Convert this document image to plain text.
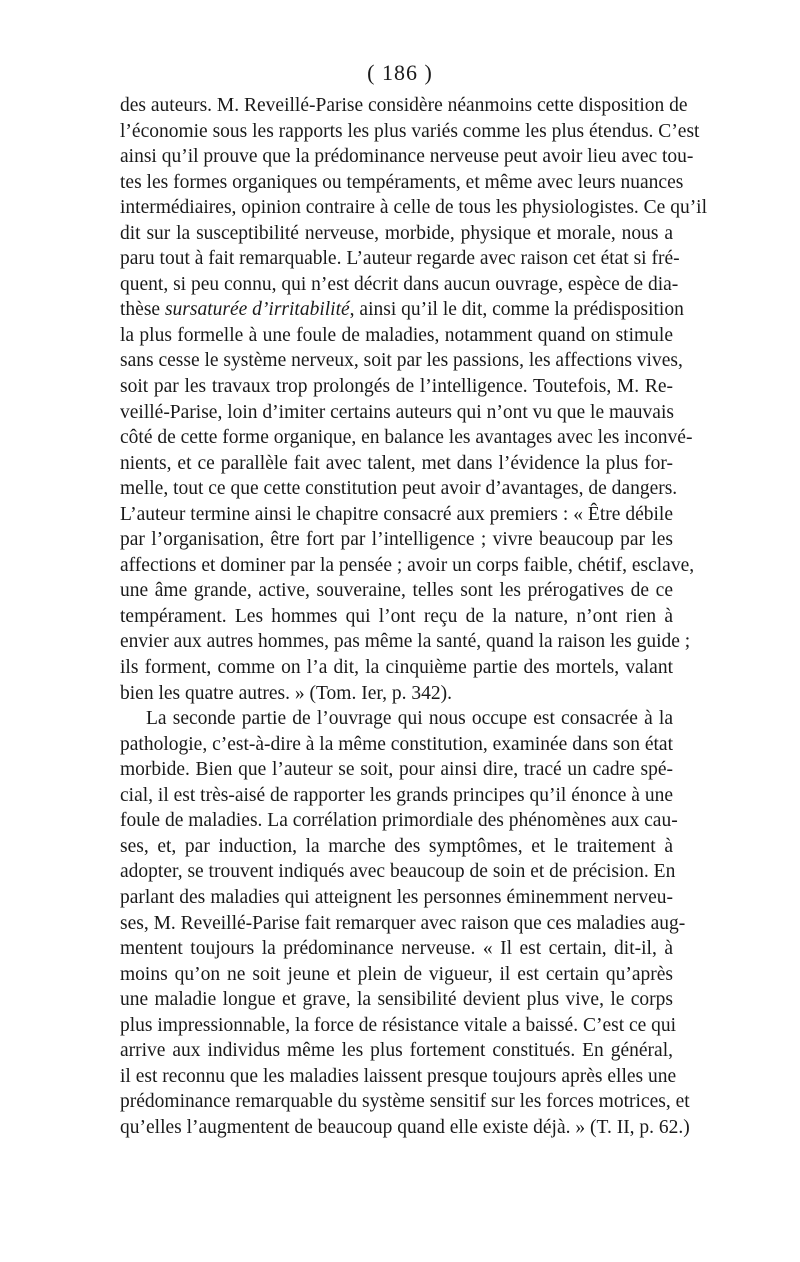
( 186 )
des auteurs. M. Reveillé-Parise considère néanmoins cette disposition de
l’économie sous les rapports les plus variés comme les plus étendus. C’est
ainsi qu’il prouve que la prédominance nerveuse peut avoir lieu avec tou-
tes les formes organiques ou tempéraments, et même avec leurs nuances
intermédiaires, opinion contraire à celle de tous les physiologistes. Ce qu’il
dit sur la susceptibilité nerveuse, morbide, physique et morale, nous a
paru tout à fait remarquable. L’auteur regarde avec raison cet état si fré-
quent, si peu connu, qui n’est décrit dans aucun ouvrage, espèce de dia-
thèse sursaturée d’irritabilité, ainsi qu’il le dit, comme la prédisposition
la plus formelle à une foule de maladies, notamment quand on stimule
sans cesse le système nerveux, soit par les passions, les affections vives,
soit par les travaux trop prolongés de l’intelligence. Toutefois, M. Re-
veillé-Parise, loin d’imiter certains auteurs qui n’ont vu que le mauvais
côté de cette forme organique, en balance les avantages avec les inconvé-
nients, et ce parallèle fait avec talent, met dans l’évidence la plus for-
melle, tout ce que cette constitution peut avoir d’avantages, de dangers.
L’auteur termine ainsi le chapitre consacré aux premiers : « Être débile
par l’organisation, être fort par l’intelligence ; vivre beaucoup par les
affections et dominer par la pensée ; avoir un corps faible, chétif, esclave,
une âme grande, active, souveraine, telles sont les prérogatives de ce
tempérament. Les hommes qui l’ont reçu de la nature, n’ont rien à
envier aux autres hommes, pas même la santé, quand la raison les guide ;
ils forment, comme on l’a dit, la cinquième partie des mortels, valant
bien les quatre autres. » (Tom. Ier, p. 342).
La seconde partie de l’ouvrage qui nous occupe est consacrée à la
pathologie, c’est-à-dire à la même constitution, examinée dans son état
morbide. Bien que l’auteur se soit, pour ainsi dire, tracé un cadre spé-
cial, il est très-aisé de rapporter les grands principes qu’il énonce à une
foule de maladies. La corrélation primordiale des phénomènes aux cau-
ses, et, par induction, la marche des symptômes, et le traitement à
adopter, se trouvent indiqués avec beaucoup de soin et de précision. En
parlant des maladies qui atteignent les personnes éminemment nerveu-
ses, M. Reveillé-Parise fait remarquer avec raison que ces maladies aug-
mentent toujours la prédominance nerveuse. « Il est certain, dit-il, à
moins qu’on ne soit jeune et plein de vigueur, il est certain qu’après
une maladie longue et grave, la sensibilité devient plus vive, le corps
plus impressionnable, la force de résistance vitale a baissé. C’est ce qui
arrive aux individus même les plus fortement constitués. En général,
il est reconnu que les maladies laissent presque toujours après elles une
prédominance remarquable du système sensitif sur les forces motrices, et
qu’elles l’augmentent de beaucoup quand elle existe déjà. » (T. II, p. 62.)
